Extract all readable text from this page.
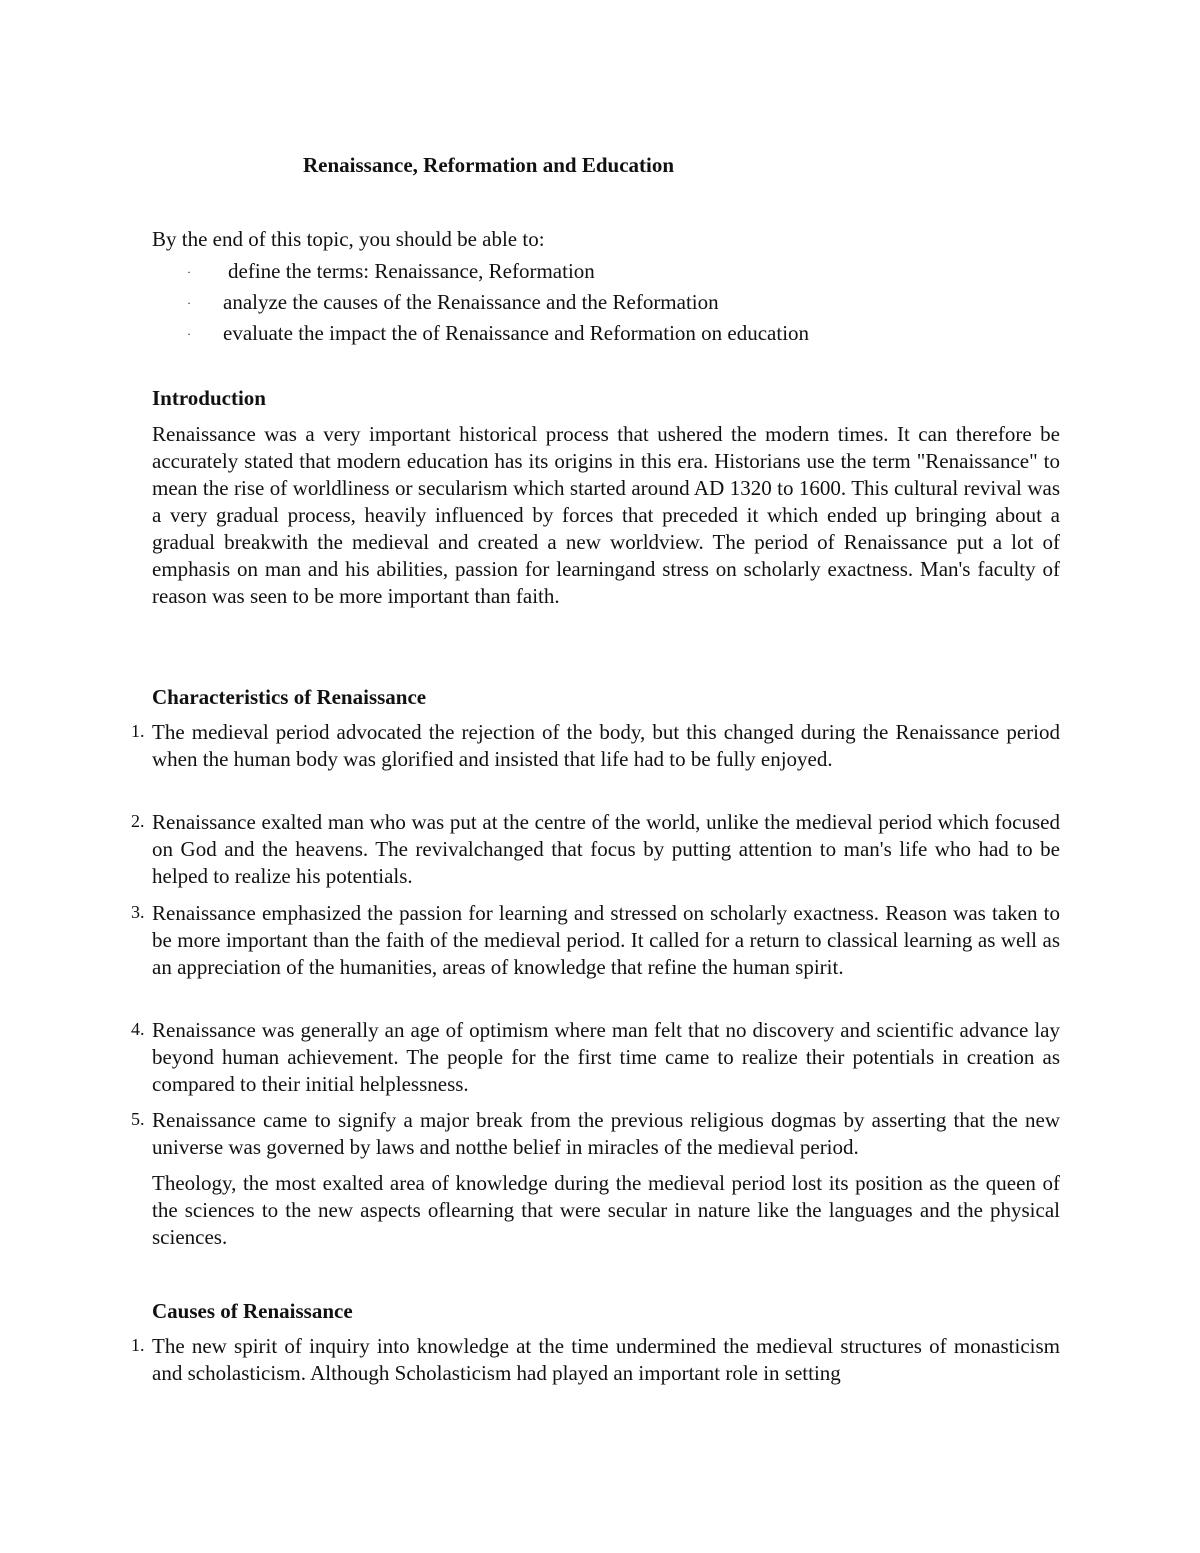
Renaissance, Reformation and Education
By the end of this topic, you should be able to:
· define the terms: Renaissance, Reformation
· analyze the causes of the Renaissance and the Reformation
· evaluate the impact the of Renaissance and Reformation on education
Introduction

Renaissance was a very important historical process that ushered the modern times. It can therefore be accurately stated that modern education has its origins in this era. Historians use the term "Renaissance" to mean the rise of worldliness or secularism which started around AD 1320 to 1600. This cultural revival was a very gradual process, heavily influenced by forces that preceded it which ended up bringing about a gradual breakwith the medieval and created a new worldview. The period of Renaissance put a lot of emphasis on man and his abilities, passion for learningand stress on scholarly exactness. Man's faculty of reason was seen to be more important than faith.

Characteristics of Renaissance
1. The medieval period advocated the rejection of the body, but this changed during the Renaissance period when the human body was glorified and insisted that life had to be fully enjoyed.

2. Renaissance exalted man who was put at the centre of the world, unlike the medieval period which focused on God and the heavens. The revivalchanged that focus by putting attention to man's life who had to be helped to realize his potentials.

3. Renaissance emphasized the passion for learning and stressed on scholarly exactness. Reason was taken to be more important than the faith of the medieval period. It called for a return to classical learning as well as an appreciation of the humanities, areas of knowledge that refine the human spirit.

4. Renaissance was generally an age of optimism where man felt that no discovery and scientific advance lay beyond human achievement. The people for the first time came to realize their potentials in creation as compared to their initial helplessness.

5. Renaissance came to signify a major break from the previous religious dogmas by asserting that the new universe was governed by laws and notthe belief in miracles of the medieval period.

Theology, the most exalted area of knowledge during the medieval period lost its position as the queen of the sciences to the new aspects oflearning that were secular in nature like the languages and the physical sciences.

Causes of Renaissance
1. The new spirit of inquiry into knowledge at the time undermined the medieval structures of monasticism and scholasticism. Although Scholasticism had played an important role in setting
